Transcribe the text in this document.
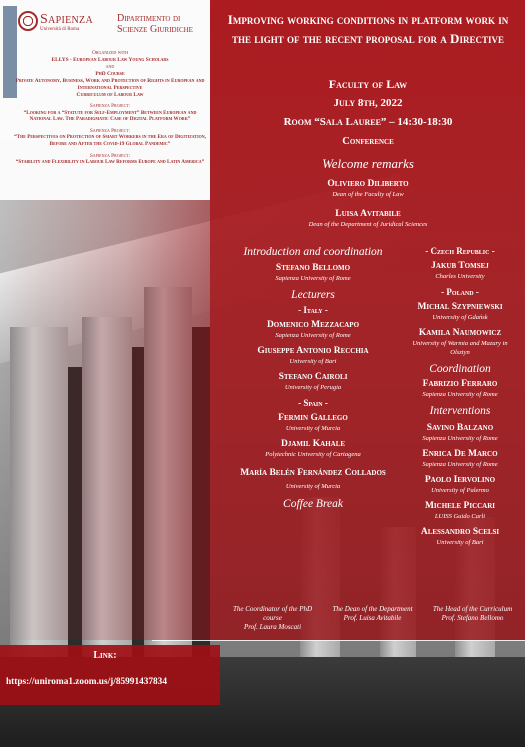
Sapienza
Università di Roma
Dipartimento di Scienze Giuridiche
Organized with
ELLYS - European Labour Law Young Scholars
and
PhD Course
Private Autonomy, Business, Work and Protection of Rights in European and International Perspective
Curriculum of Labour Law
Sapienza Project:
“Looking for a “Statute for Self-Employment” Between European and National Law. The Paradigmatic Case of Digital Platform Work”
Sapienza Project:
“The Perspectives on Protection of Smart Workers in the Era of Digitization, Before and After the Covid-19 Global Pandemic”
Sapienza Project:
“Stability and Flexibility in Labour Law Reforms Europe and Latin America”
Improving working conditions in platform work in the light of the recent proposal for a Directive
Faculty of Law
July 8th, 2022
Room “Sala Lauree” – 14:30-18:30
Conference
Welcome remarks
Oliviero Diliberto
Dean of the Faculty of Law
Luisa Avitabile
Dean of the Department of Juridical Sciences
Introduction and coordination
Stefano Bellomo
Sapienza University of Rome
Lecturers
- Italy -
Domenico Mezzacapo
Sapienza University of Rome
Giuseppe Antonio Recchia
University of Bari
Stefano Cairoli
University of Perugia
- Spain -
Fermin Gallego
University of Murcia
Djamil Kahale
Polytechnic University of Cartagena
María Belén Fernández Collados
University of Murcia
Coffee Break
- Czech Republic -
Jakub Tomsej
Charles University
- Poland -
Michal Szypniewski
University of Gdańsk
Kamila Naumowicz
University of Warmia and Mazury in Olsztyn
Coordination
Fabrizio Ferraro
Sapienza University of Rome
Interventions
Savino Balzano
Sapienza University of Rome
Enrica De Marco
Sapienza University of Rome
Paolo Iervolino
University of Palermo
Michele Piccari
LUISS Guido Carli
Alessandro Scelsi
University of Bari
The Coordinator of the PhD course
Prof. Laura Moscati
The Dean of the Department
Prof. Luisa Avitabile
The Head of the Curriculum
Prof. Stefano Bellomo
Link:
https://uniroma1.zoom.us/j/85991437834
